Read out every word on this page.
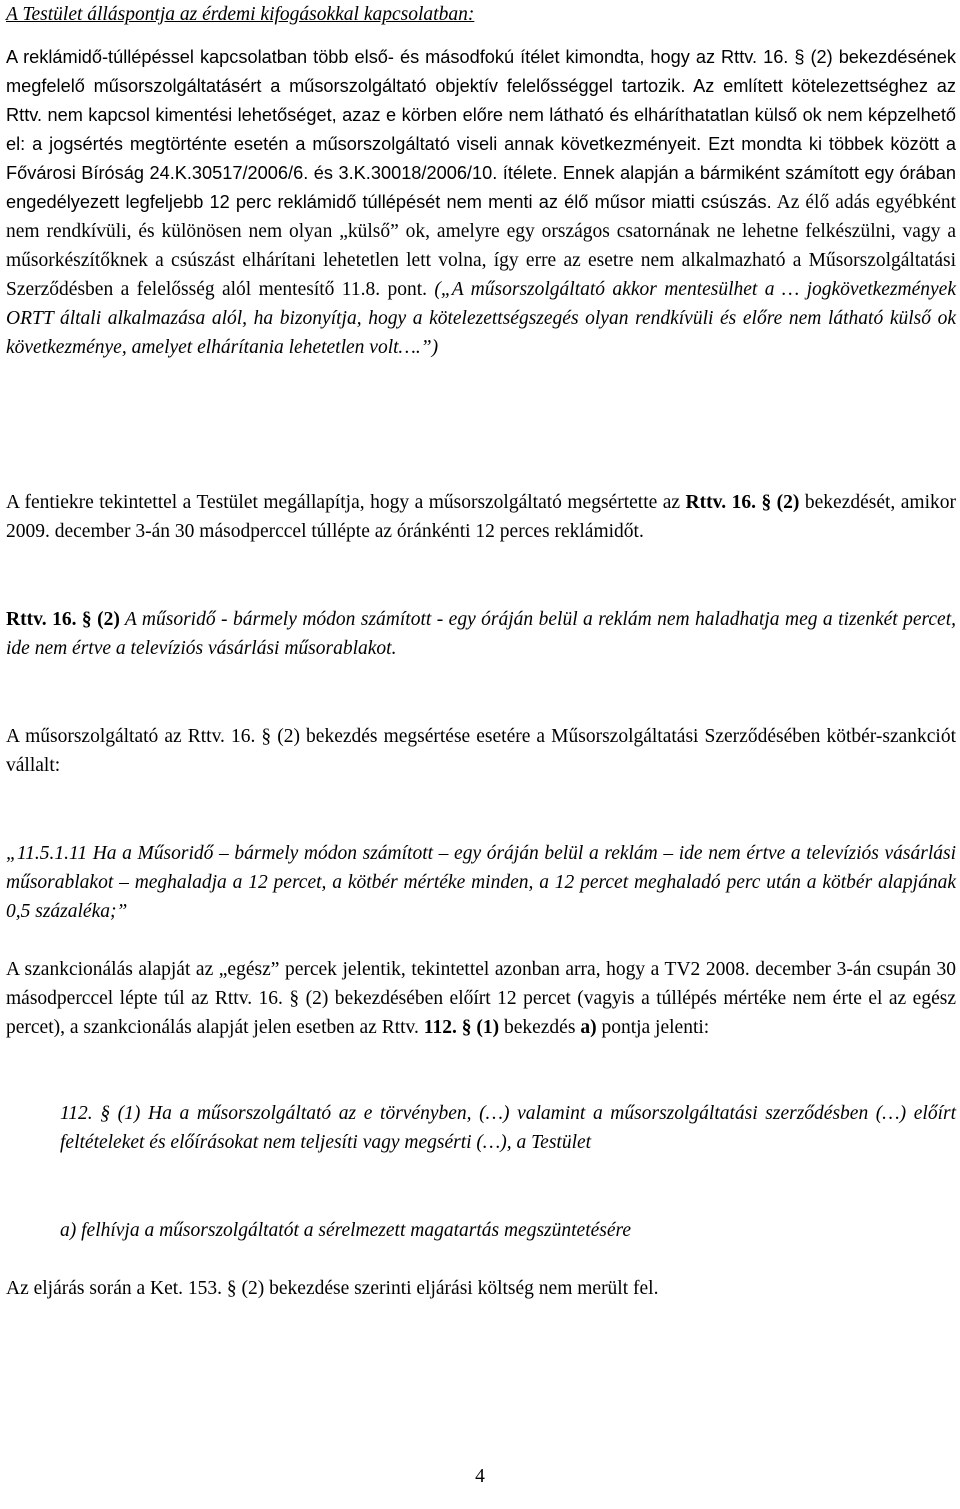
A Testület álláspontja az érdemi kifogásokkal kapcsolatban:

A reklámidő-túllépéssel kapcsolatban több első- és másodfokú ítélet kimondta, hogy az Rttv. 16. § (2) bekezdésének megfelelő műsorszolgáltatásért a műsorszolgáltató objektív felelősséggel tartozik. Az említett kötelezettséghez az Rttv. nem kapcsol kimentési lehetőséget, azaz e körben előre nem látható és elháríthatatlan külső ok nem képzelhető el: a jogsértés megtörténte esetén a műsorszolgáltató viseli annak következményeit. Ezt mondta ki többek között a Fővárosi Bíróság 24.K.30517/2006/6. és 3.K.30018/2006/10. ítélete. Ennek alapján a bármiként számított egy órában engedélyezett legfeljebb 12 perc reklámidő túllépését nem menti az élő műsor miatti csúszás. Az élő adás egyébként nem rendkívüli, és különösen nem olyan „külső” ok, amelyre egy országos csatornának ne lehetne felkészülni, vagy a műsorkészítőknek a csúszást elhárítani lehetetlen lett volna, így erre az esetre nem alkalmazható a Műsorszolgáltatási Szerződésben a felelősség alól mentesítő 11.8. pont. („A műsorszolgáltató akkor mentesülhet a … jogkövetkezmények ORTT általi alkalmazása alól, ha bizonyítja, hogy a kötelezettségszegés olyan rendkívüli és előre nem látható külső ok következménye, amelyet elhárítania lehetetlen volt….”)

A fentiekre tekintettel a Testület megállapítja, hogy a műsorszolgáltató megsértette az Rttv. 16. § (2) bekezdését, amikor 2009. december 3-án 30 másodperccel túllépte az óránkénti 12 perces reklámidőt.

Rttv. 16. § (2) A műsoridő - bármely módon számított - egy óráján belül a reklám nem haladhatja meg a tizenkét percet, ide nem értve a televíziós vásárlási műsorablakot.

A műsorszolgáltató az Rttv. 16. § (2) bekezdés megsértése esetére a Műsorszolgáltatási Szerződésében kötbér-szankciót vállalt:

„11.5.1.11 Ha a Műsoridő – bármely módon számított – egy óráján belül a reklám – ide nem értve a televíziós vásárlási műsorablakot – meghaladja a 12 percet, a kötbér mértéke minden, a 12 percet meghaladó perc után a kötbér alapjának 0,5 százaléka;”

A szankcionálás alapját az „egész” percek jelentik, tekintettel azonban arra, hogy a TV2 2008. december 3-án csupán 30 másodperccel lépte túl az Rttv. 16. § (2) bekezdésében előírt 12 percet (vagyis a túllépés mértéke nem érte el az egész percet), a szankcionálás alapját jelen esetben az Rttv. 112. § (1) bekezdés a) pontja jelenti:

112. § (1) Ha a műsorszolgáltató az e törvényben, (…) valamint a műsorszolgáltatási szerződésben (…) előírt feltételeket és előírásokat nem teljesíti vagy megsérti (…), a Testület

a) felhívja a műsorszolgáltatót a sérelmezett magatartás megszüntetésére

Az eljárás során a Ket. 153. § (2) bekezdése szerinti eljárási költség nem merült fel.

4
